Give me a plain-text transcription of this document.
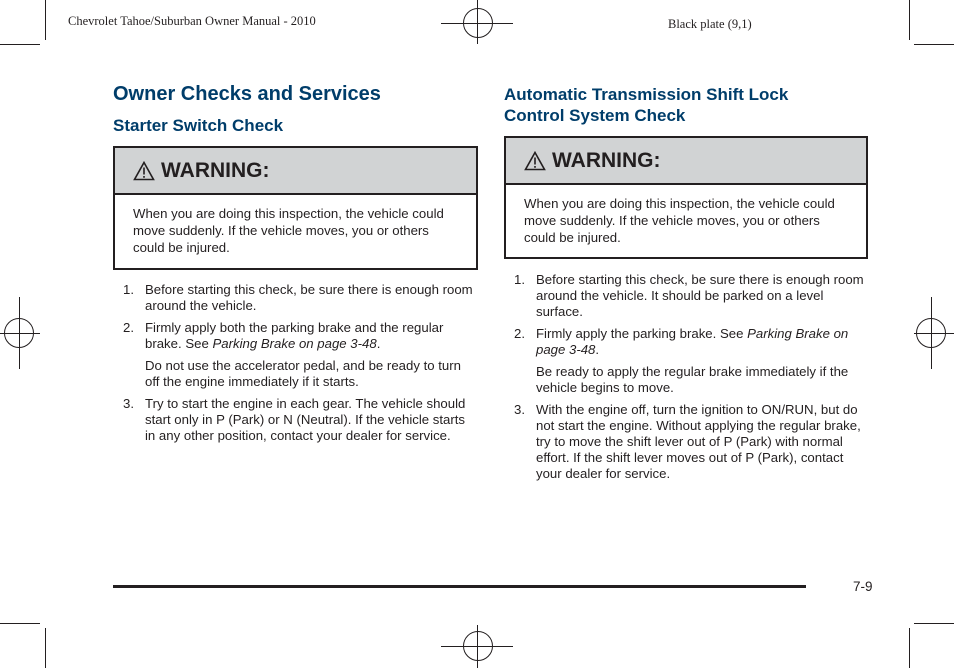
Chevrolet Tahoe/Suburban Owner Manual - 2010	Black plate (9,1)
Owner Checks and Services
Starter Switch Check
WARNING:
When you are doing this inspection, the vehicle could move suddenly. If the vehicle moves, you or others could be injured.
1. Before starting this check, be sure there is enough room around the vehicle.
2. Firmly apply both the parking brake and the regular brake. See Parking Brake on page 3‑48.
Do not use the accelerator pedal, and be ready to turn off the engine immediately if it starts.
3. Try to start the engine in each gear. The vehicle should start only in P (Park) or N (Neutral). If the vehicle starts in any other position, contact your dealer for service.
Automatic Transmission Shift Lock
Control System Check
WARNING:
When you are doing this inspection, the vehicle could move suddenly. If the vehicle moves, you or others could be injured.
1. Before starting this check, be sure there is enough room around the vehicle. It should be parked on a level surface.
2. Firmly apply the parking brake. See Parking Brake on page 3‑48.
Be ready to apply the regular brake immediately if the vehicle begins to move.
3. With the engine off, turn the ignition to ON/RUN, but do not start the engine. Without applying the regular brake, try to move the shift lever out of P (Park) with normal effort. If the shift lever moves out of P (Park), contact your dealer for service.
7-9
